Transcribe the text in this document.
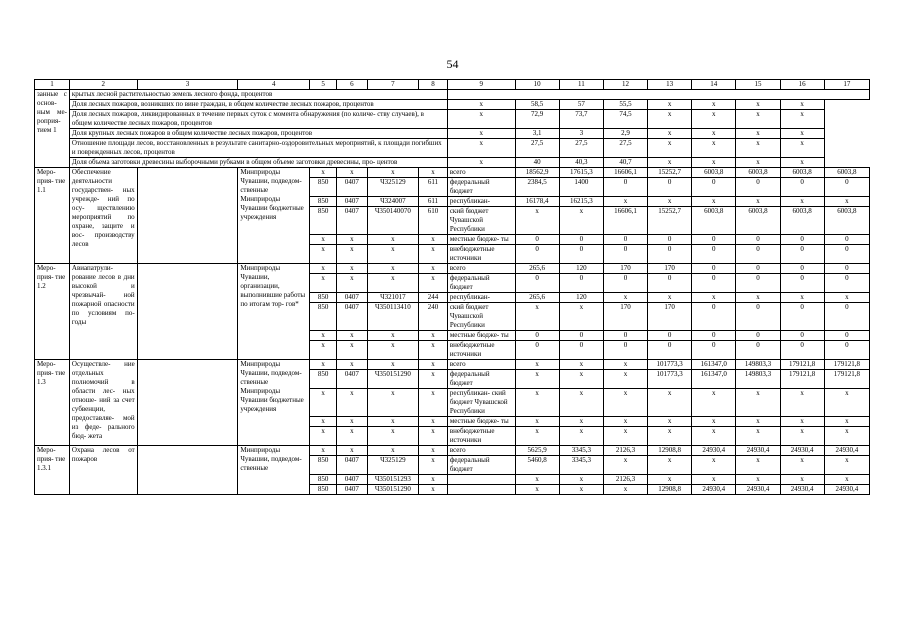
54
1	2	3	4	5	6	7	8	9	10	11	12	13	14	15	16	17
занные с основ- ным ме- роприя- тием 1	крытых лесной растительностью земель лесного фонда, процентов															
	Доля лесных пожаров, возникших по вине граждан, в общем количестве лесных пожаров, процентов							x	58,5	57	55,5	x	x	x	x	
	Доля лесных пожаров, ликвидированных в течение первых суток с момента обнаружения (по количе- ству случаев), в общем количестве лесных пожаров, процентов							x	72,9	73,7	74,5	x	x	x	x	
	Доля крупных лесных пожаров в общем количестве лесных пожаров, процентов							x	3,1	3	2,9	x	x	x	x	
	Отношение площади лесов, восстановленных в результате санитарно-оздоровительных мероприятий, к площади погибших и поврежденных лесов, процентов							x	27,5	27,5	27,5	x	x	x	x	
	Доля объема заготовки древесины выборочными рубками в общем объеме заготовки древесины, про- центов							x	40	40,3	40,7	x	x	x	x	
Меро- прия- тие 1.1	Обеспечение деятельности государствен- ных учрежде- ний по осу- ществлению мероприятий по охране, защите и вос- производству лесов		Минприроды Чувашии, подведом- ственные Минприроды Чувашии бюджетные учреждения	x	x	x	x	всего	18562,9	17615,3	16606,1	15252,7	6003,8	6003,8	6003,8	6003,8
				850	0407	Ч325129	611	федеральный бюджет	2384,5	1400	0	0	0	0	0	0
				850	0407	Ч324007	611	республикан-	16178,4	16215,3	x	x	x	x	x	x
				850	0407	Ч350140070	610	ский бюджет Чувашской Республики	x	x	16606,1	15252,7	6003,8	6003,8	6003,8	6003,8
				x	x	x	x	местные бюдже- ты	0	0	0	0	0	0	0	0
				x	x	x	x	внебюджетные источники	0	0	0	0	0	0	0	0
Меро- прия- тие 1.2	Авиапатрули- рование лесов в дни высокой и чрезвычай- ной пожарной опасности по условиям по- годы		Минприроды Чувашии, организации, выполнившие работы по итогам тор- гов*	x	x	x	x	всего	265,6	120	170	170	0	0	0	0
				x	x	x	x	федеральный бюджет	0	0	0	0	0	0	0	0
				850	0407	Ч321017	244	республикан-	265,6	120	x	x	x	x	x	x
				850	0407	Ч350113410	240	ский бюджет Чувашской Республики	x	x	170	170	0	0	0	0
				x	x	x	x	местные бюдже- ты	0	0	0	0	0	0	0	0
				x	x	x	x	внебюджетные источники	0	0	0	0	0	0	0	0
Меро- прия- тие 1.3	Осуществле- ние отдельных полномочий в области лес- ных отноше- ний за счет субвенции, предоставляе- мой из феде- рального бюд- жета		Минприроды Чувашии, подведом- ственные Минприроды Чувашии бюджетные учреждения	x	x	x	x	всего	x	x	x	101773,3	161347,0	149803,3	179121,8	179121,8
				850	0407	Ч350151290	x	федеральный бюджет	x	x	x	101773,3	161347,0	149803,3	179121,8	179121,8
				x	x	x	x	республикан- ский бюджет Чувашской Республики	x	x	x	x	x	x	x	x
				x	x	x	x	местные бюдже- ты	x	x	x	x	x	x	x	x
				x	x	x	x	внебюджетные источники	x	x	x	x	x	x	x	x
Меро- прия- тие 1.3.1	Охрана лесов от пожаров		Минприроды Чувашии, подведом- ственные	x	x	x	x	всего	5625,9	3345,3	2126,3	12908,8	24930,4	24930,4	24930,4	24930,4
				850	0407	Ч325129	x	федеральный бюджет	5460,8	3345,3	x	x	x	x	x	x
				850	0407	Ч350151293	x		x	x	2126,3	x	x	x	x	x
				850	0407	Ч350151290	x		x	x	x	12908,8	24930,4	24930,4	24930,4	24930,4
